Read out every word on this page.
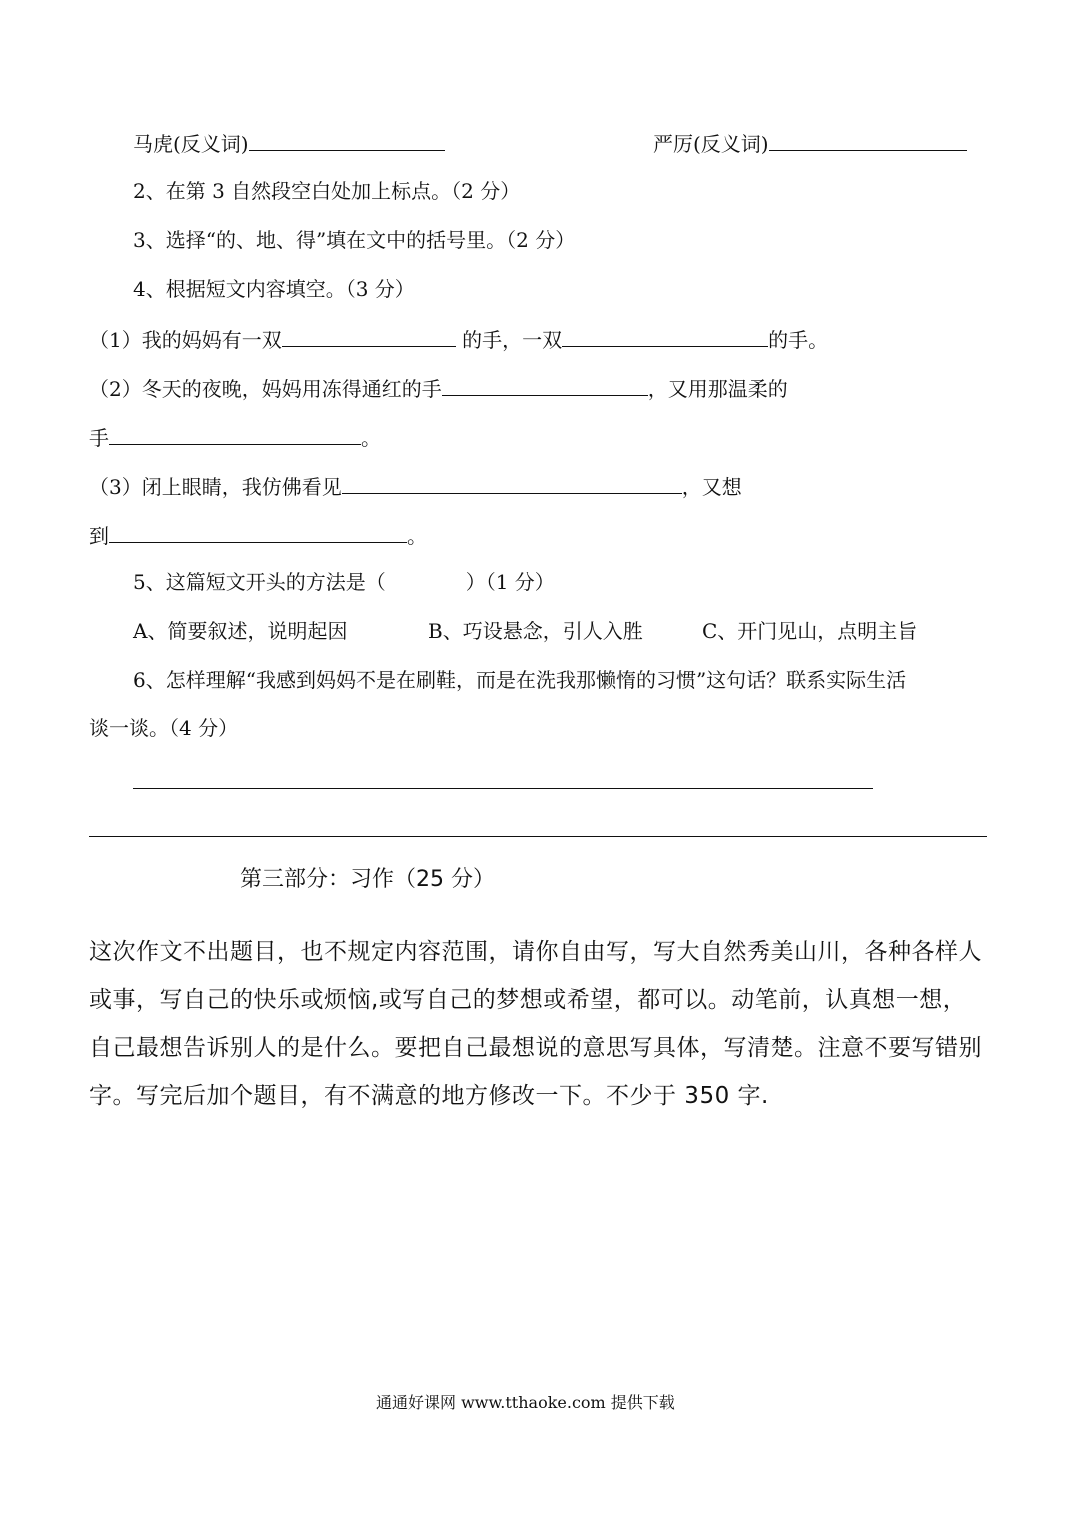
马虎(反义词)	严厉(反义词)
2、在第 3 自然段空白处加上标点。（2 分）
3、选择“的、地、得”填在文中的括号里。（2 分）
4、根据短文内容填空。（3 分）
（1）我的妈妈有一双	的手，一双	的手。
（2）冬天的夜晚，妈妈用冻得通红的手	，又用那温柔的
手	。
（3）闭上眼睛，我仿佛看见	，又想
到	。
5、这篇短文开头的方法是（　　　　）（1 分）
A、简要叙述，说明起因	B、巧设悬念，引人入胜	C、开门见山，点明主旨
6、怎样理解“我感到妈妈不是在刷鞋，而是在洗我那懒惰的习惯”这句话？联系实际生活
谈一谈。（4 分）
第三部分：习作（25 分）
这次作文不出题目，也不规定内容范围，请你自由写，写大自然秀美山川，各种各样人或事，写自己的快乐或烦恼,或写自己的梦想或希望，都可以。动笔前，认真想一想，自己最想告诉别人的是什么。要把自己最想说的意思写具体，写清楚。注意不要写错别字。写完后加个题目，有不满意的地方修改一下。不少于 350 字.
通通好课网 www.tthaoke.com 提供下载
